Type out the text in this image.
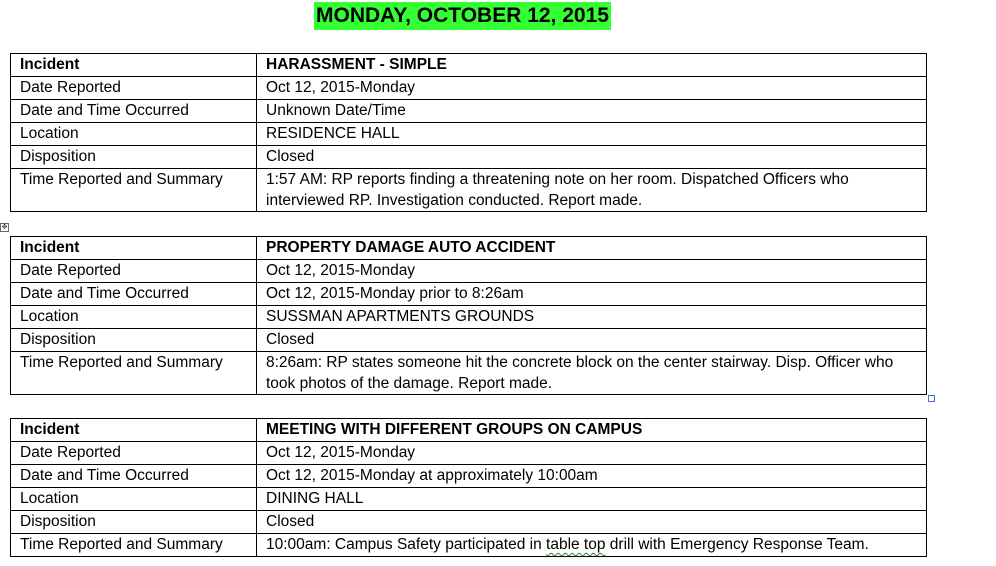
MONDAY, OCTOBER 12, 2015
Incident	HARASSMENT - SIMPLE
Date Reported	Oct 12, 2015-Monday
Date and Time Occurred	Unknown Date/Time
Location	RESIDENCE HALL
Disposition	Closed
Time Reported and Summary	1:57 AM: RP reports finding a threatening note on her room. Dispatched Officers who interviewed RP. Investigation conducted. Report made.
✥
Incident	PROPERTY DAMAGE AUTO ACCIDENT
Date Reported	Oct 12, 2015-Monday
Date and Time Occurred	Oct 12, 2015-Monday prior to 8:26am
Location	SUSSMAN APARTMENTS GROUNDS
Disposition	Closed
Time Reported and Summary	8:26am: RP states someone hit the concrete block on the center stairway. Disp. Officer who took photos of the damage. Report made.
Incident	MEETING WITH DIFFERENT GROUPS ON CAMPUS
Date Reported	Oct 12, 2015-Monday
Date and Time Occurred	Oct 12, 2015-Monday at approximately 10:00am
Location	DINING HALL
Disposition	Closed
Time Reported and Summary	10:00am: Campus Safety participated in table top drill with Emergency Response Team.
